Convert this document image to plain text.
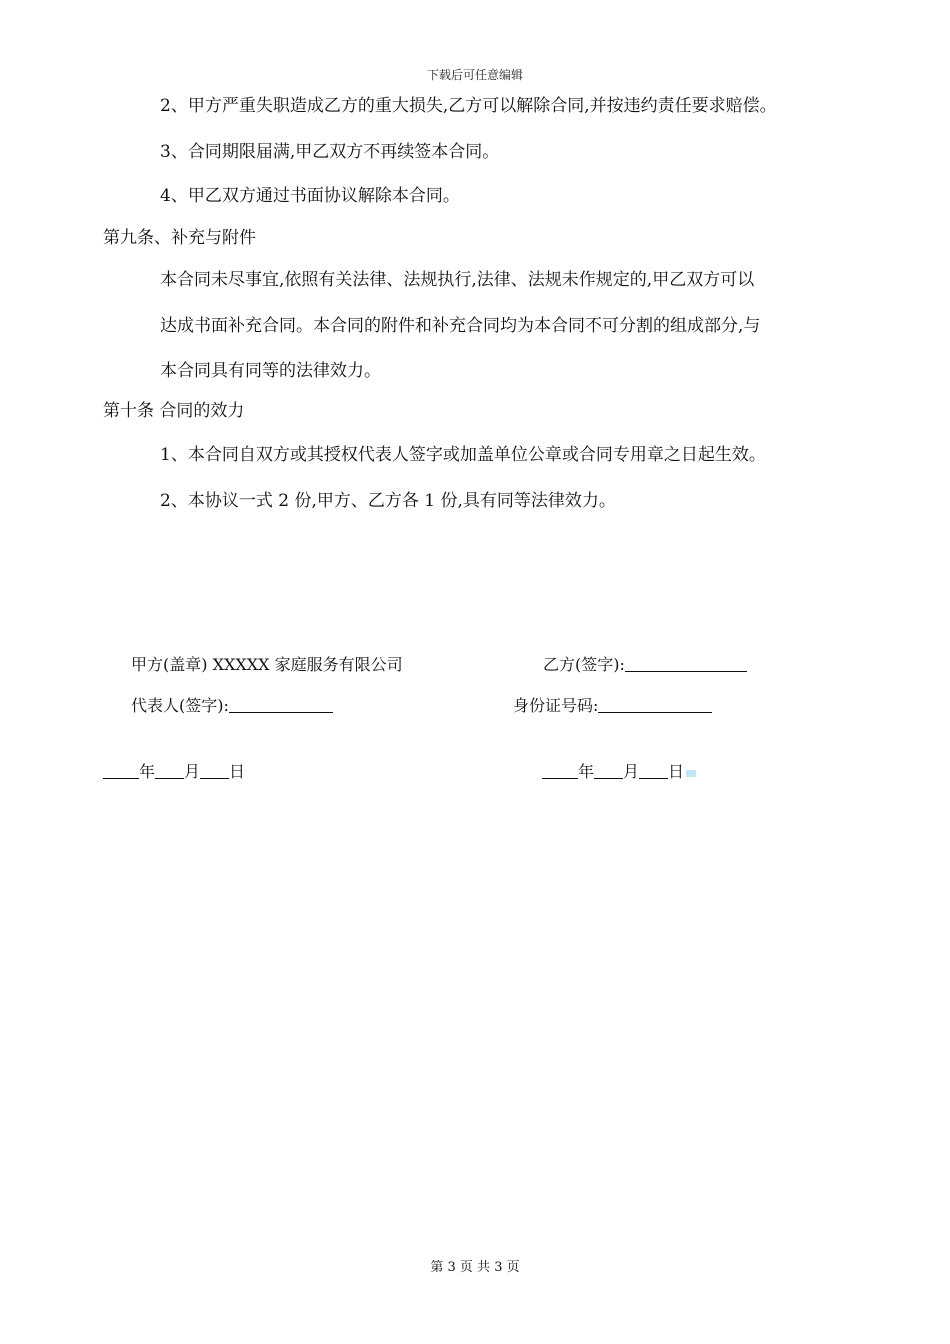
下载后可任意编辑
2、甲方严重失职造成乙方的重大损失,乙方可以解除合同,并按违约责任要求赔偿。
3、合同期限届满,甲乙双方不再续签本合同。
4、甲乙双方通过书面协议解除本合同。
第九条、补充与附件
本合同未尽事宜,依照有关法律、法规执行,法律、法规未作规定的,甲乙双方可以
达成书面补充合同。本合同的附件和补充合同均为本合同不可分割的组成部分,与
本合同具有同等的法律效力。
第十条 合同的效力
1、本合同自双方或其授权代表人签字或加盖单位公章或合同专用章之日起生效。
2、本协议一式 2 份,甲方、乙方各 1 份,具有同等法律效力。
甲方(盖章) XXXXX 家庭服务有限公司	乙方(签字):
代表人(签字):	身份证号码:
年 月 日	年 月 日
第 3 页 共 3 页
